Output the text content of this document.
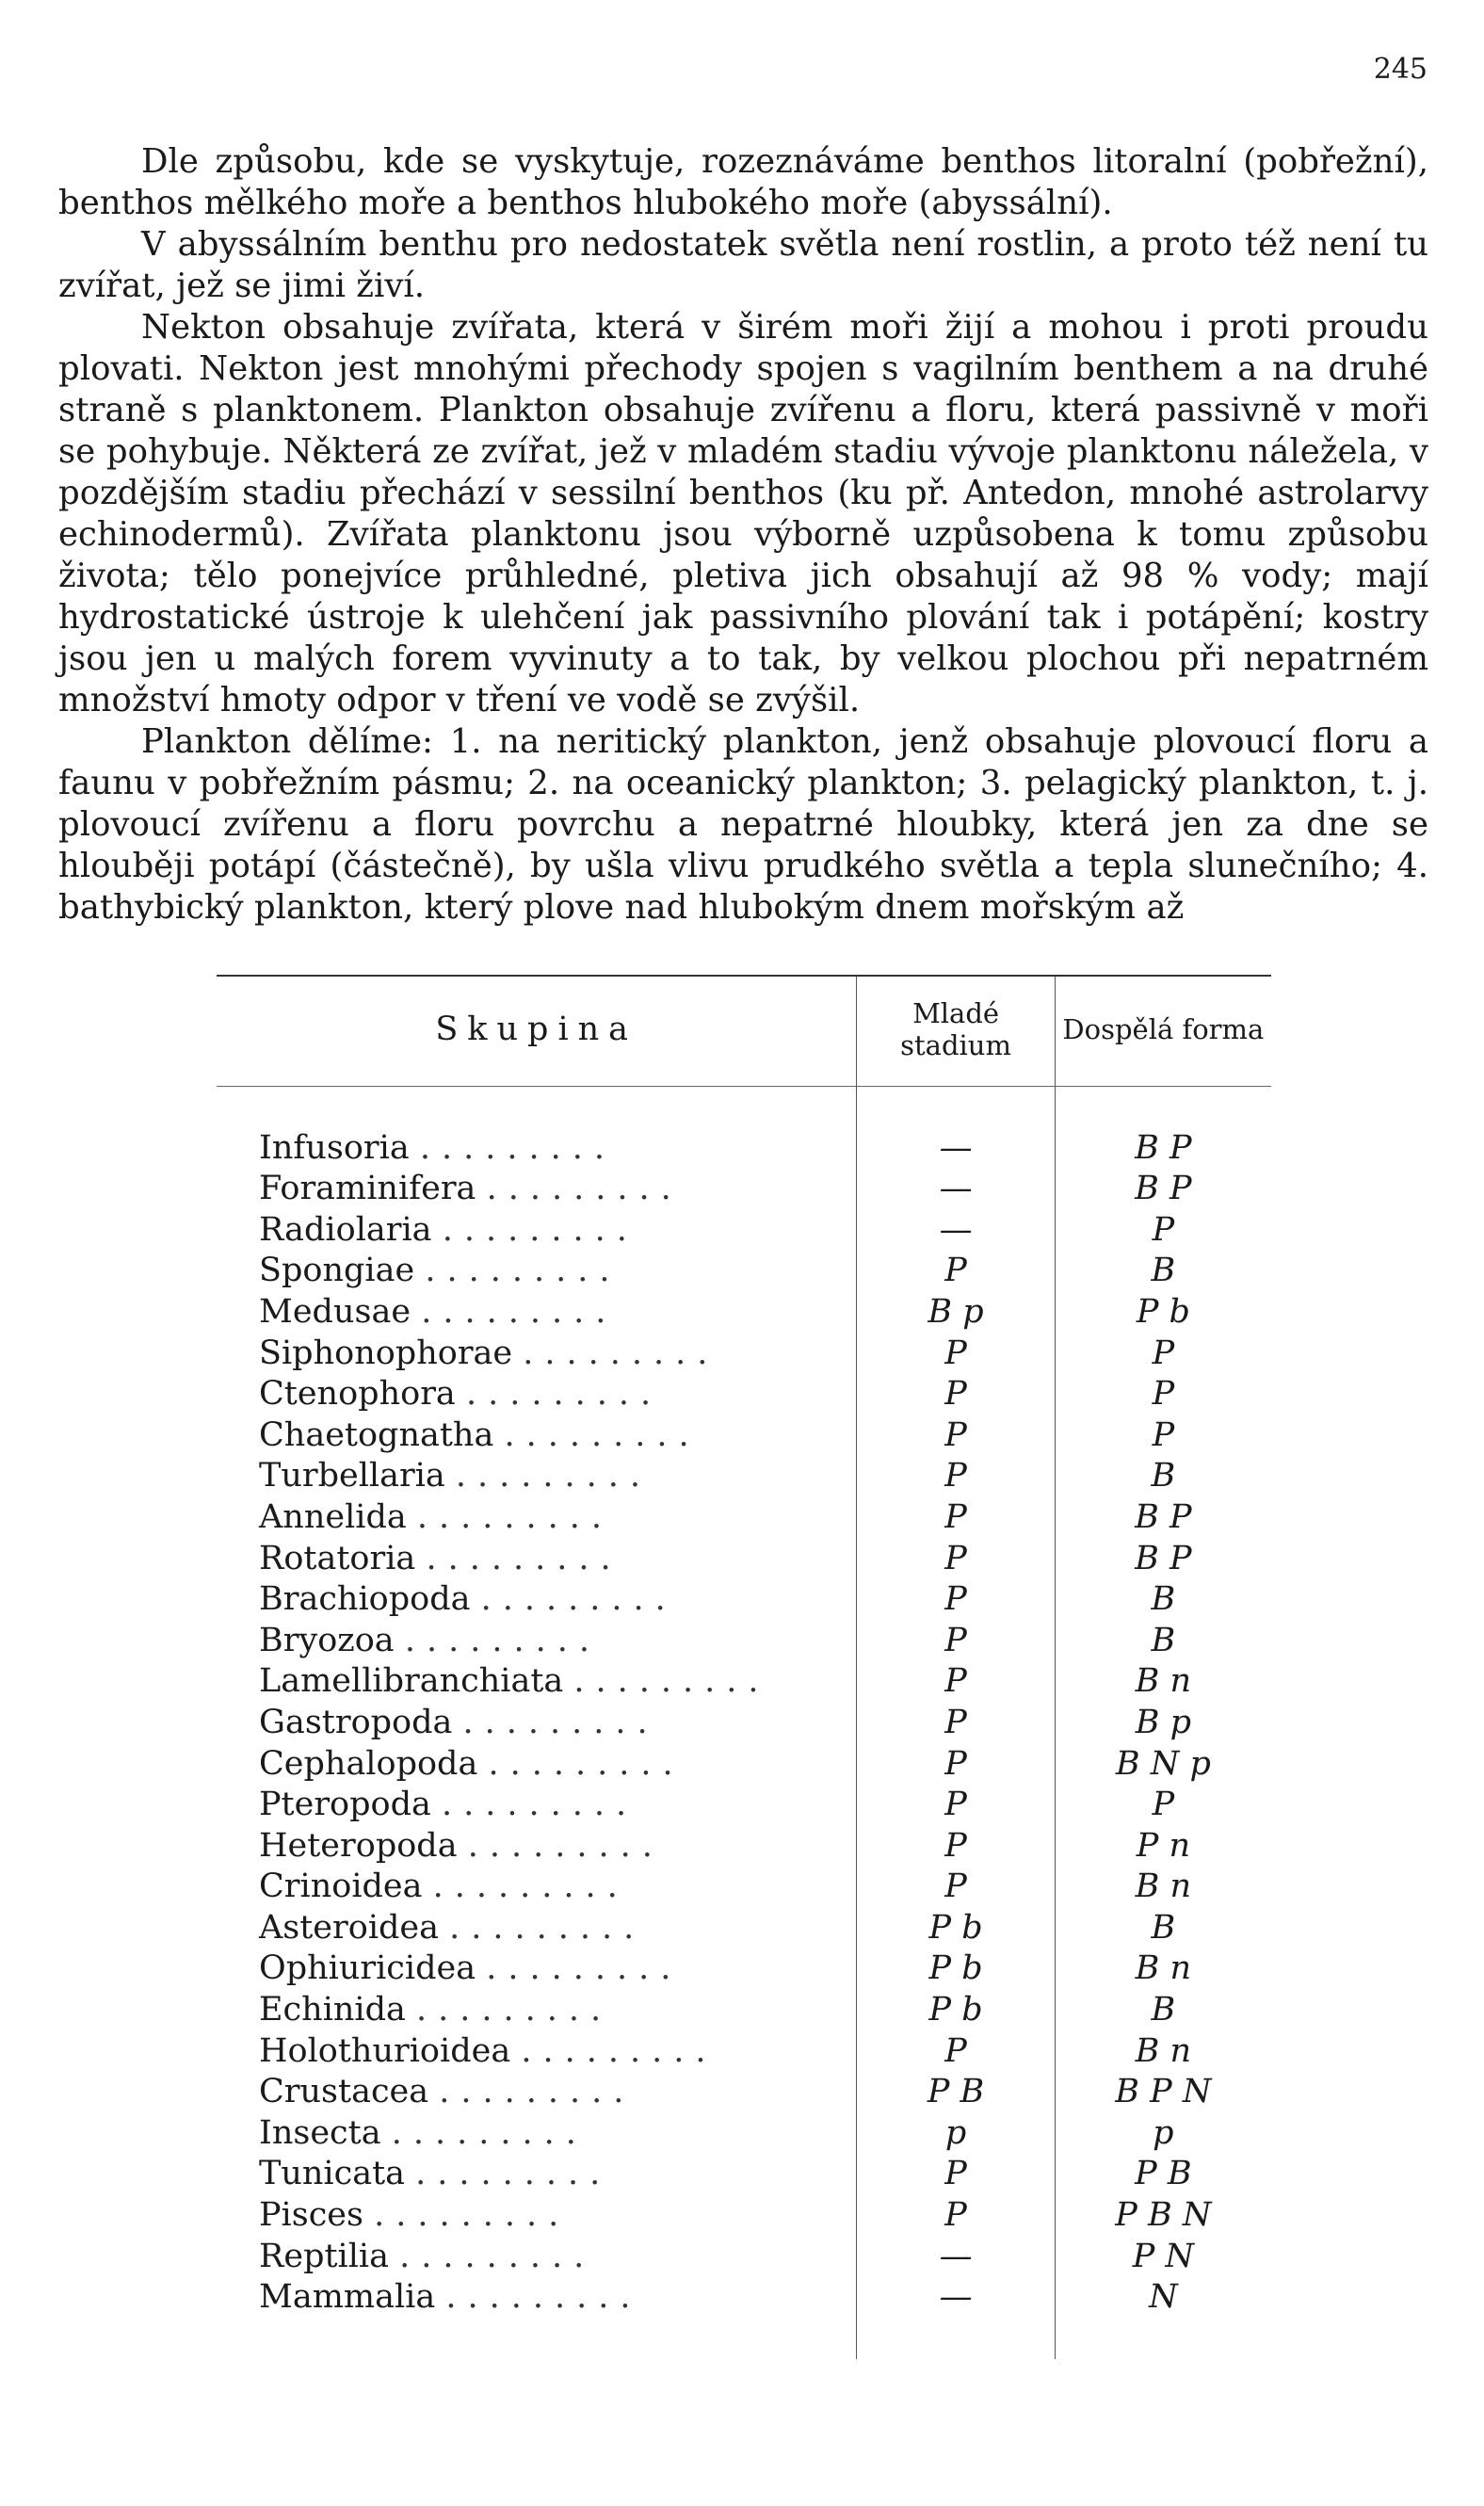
245

Dle způsobu, kde se vyskytuje, rozeznáváme benthos litoralní (pobřežní), benthos mělkého moře a benthos hlubokého moře (abyssální).

V abyssálním benthu pro nedostatek světla není rostlin, a proto též není tu zvířat, jež se jimi živí.

Nekton obsahuje zvířata, která v širém moři žijí a mohou i proti proudu plovati. Nekton jest mnohými přechody spojen s vagilním benthem a na druhé straně s planktonem. Plankton obsahuje zvířenu a floru, která passivně v moři se pohybuje. Některá ze zvířat, jež v mladém stadiu vývoje planktonu náležela, v pozdějším stadiu přechází v sessilní benthos (ku př. Antedon, mnohé astrolarvy echinodermů). Zvířata planktonu jsou výborně uzpůsobena k tomu způsobu života; tělo ponejvíce průhledné, pletiva jich obsahují až 98 % vody; mají hydrostatické ústroje k ulehčení jak passivního plování tak i potápění; kostry jsou jen u malých forem vyvinuty a to tak, by velkou plochou při nepatrném množství hmoty odpor v tření ve vodě se zvýšil.

Plankton dělíme: 1. na neritický plankton, jenž obsahuje plovoucí floru a faunu v pobřežním pásmu; 2. na oceanický plankton; 3. pelagický plankton, t. j. plovoucí zvířenu a floru povrchu a nepatrné hloubky, která jen za dne se hlouběji potápí (částečně), by ušla vlivu prudkého světla a tepla slunečního; 4. bathybický plankton, který plove nad hlubokým dnem mořským až

Skupina	Mladé stadium	Dospělá forma

Infusoria .........	—	B P
Foraminifera .........	—	B P
Radiolaria .........	—	P
Spongiae .........	P	B
Medusae .........	B p	P b
Siphonophorae .........	P	P
Ctenophora .........	P	P
Chaetognatha .........	P	P
Turbellaria .........	P	B
Annelida .........	P	B P
Rotatoria .........	P	B P
Brachiopoda .........	P	B
Bryozoa .........	P	B
Lamellibranchiata .........	P	B n
Gastropoda .........	P	B p
Cephalopoda .........	P	B N p
Pteropoda .........	P	P
Heteropoda .........	P	P n
Crinoidea .........	P	B n
Asteroidea .........	P b	B
Ophiuricidea .........	P b	B n
Echinida .........	P b	B
Holothurioidea .........	P	B n
Crustacea .........	P B	B P N
Insecta .........	p	p
Tunicata .........	P	P B
Pisces .........	P	P B N
Reptilia .........	—	P N
Mammalia .........	—	N
